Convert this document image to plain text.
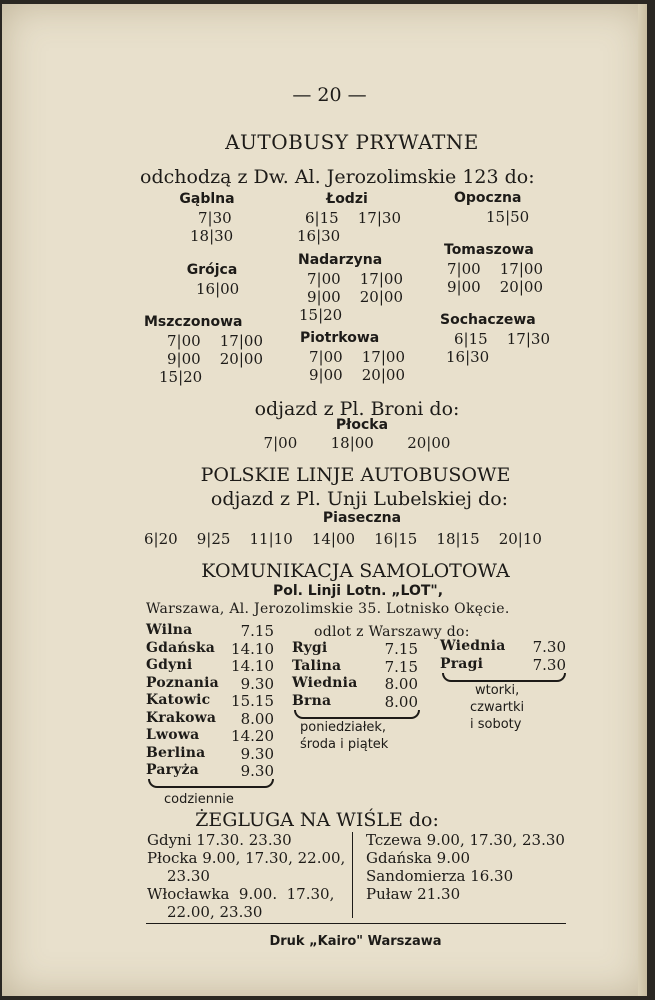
— 20 —
AUTOBUSY PRYWATNE
odchodzą z Dw. Al. Jerozolimskie 123 do:
Gąblna
7|30
18|30
Grójca
16|00
Mszczonowa
7|00    17|00
9|00    20|00
15|20
Łodzi
6|15    17|30
16|30
Nadarzyna
7|00    17|00
9|00    20|00
15|20
Piotrkowa
7|00    17|00
9|00    20|00
Opoczna
15|50
Tomaszowa
7|00    17|00
9|00    20|00
Sochaczewa
6|15    17|30
16|30
odjazd z Pl. Broni do:
Płocka
7|00       18|00       20|00
POLSKIE LINJE AUTOBUSOWE
odjazd z Pl. Unji Lubelskiej do:
Piaseczna
6|20    9|25    11|10    14|00    16|15    18|15    20|10
KOMUNIKACJA SAMOLOTOWA
Pol. Linji Lotn. „LOT",
Warszawa, Al. Jerozolimskie 35. Lotnisko Okęcie.
Wilna	7.15
Gdańska 14.10
Gdyni	14.10
Poznania	9.30
Katowic 15.15
Krakowa	8.00
Lwowa 14.20
Berlina	9.30
Paryża	9.30
codziennie
odlot z Warszawy do:
Rygi	7.15
Talina	7.15
Wiednia	8.00
Brna	8.00
poniedziałek,
środa i piątek
Wiednia	7.30
Pragi	7.30
wtorki,
czwartki
i soboty
ŻEGLUGA NA WIŚLE do:
Gdyni 17.30. 23.30
Płocka 9.00, 17.30, 22.00,
23.30
Włocławka  9.00.  17.30,
22.00, 23.30
Tczewa 9.00, 17.30, 23.30
Gdańska 9.00
Sandomierza 16.30
Puław 21.30
Druk „Kairo" Warszawa
